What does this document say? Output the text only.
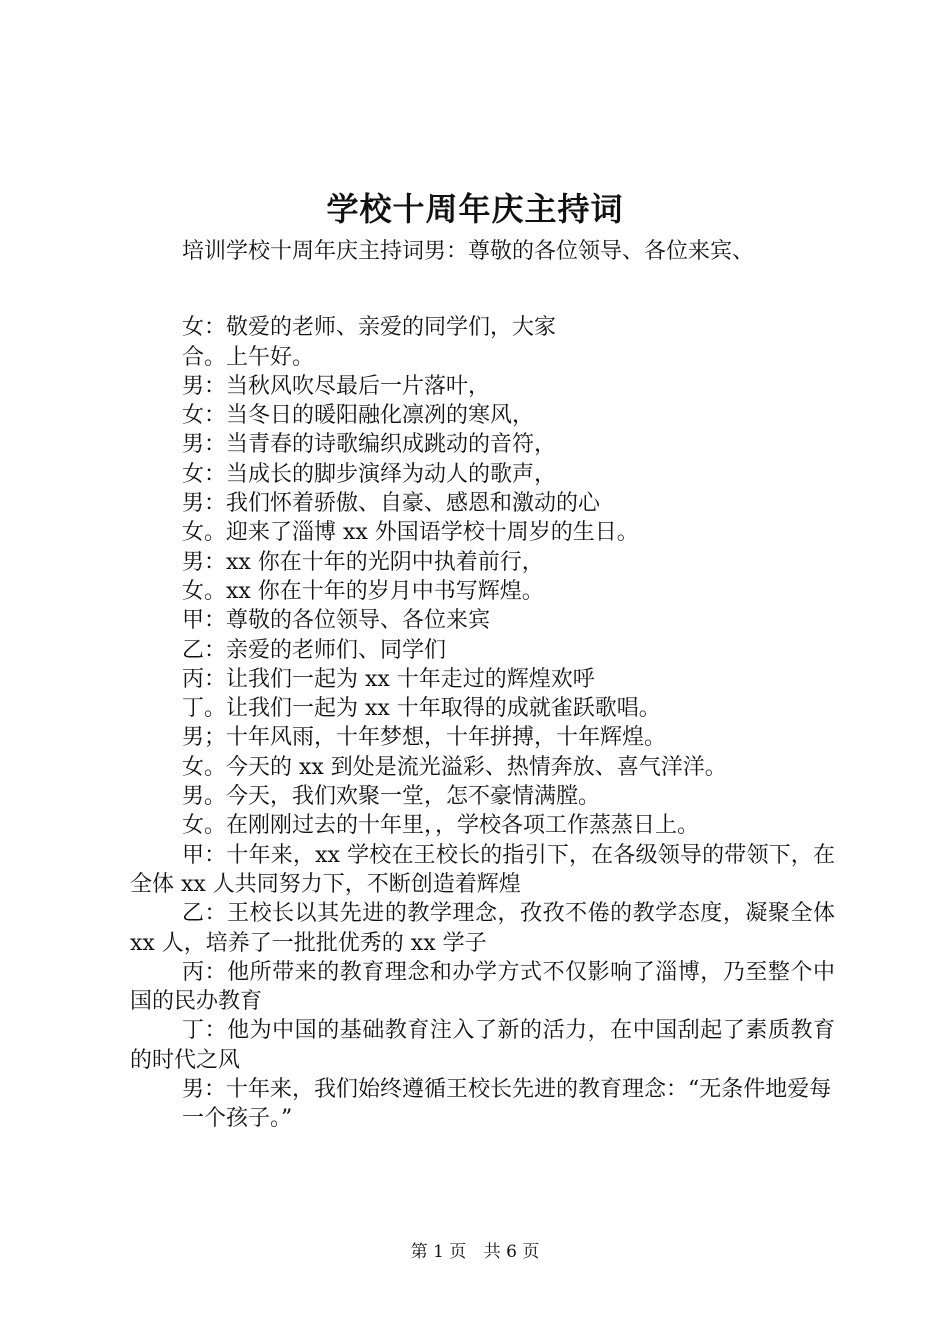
学校十周年庆主持词
培训学校十周年庆主持词男：尊敬的各位领导、各位来宾、
女：敬爱的老师、亲爱的同学们，大家
合。上午好。
男：当秋风吹尽最后一片落叶，
女：当冬日的暖阳融化凛冽的寒风，
男：当青春的诗歌编织成跳动的音符，
女：当成长的脚步演绎为动人的歌声，
男：我们怀着骄傲、自豪、感恩和激动的心
女。迎来了淄博 xx 外国语学校十周岁的生日。
男：xx 你在十年的光阴中执着前行，
女。xx 你在十年的岁月中书写辉煌。
甲：尊敬的各位领导、各位来宾
乙：亲爱的老师们、同学们
丙：让我们一起为 xx 十年走过的辉煌欢呼
丁。让我们一起为 xx 十年取得的成就雀跃歌唱。
男；十年风雨，十年梦想，十年拼搏，十年辉煌。
女。今天的 xx 到处是流光溢彩、热情奔放、喜气洋洋。
男。今天，我们欢聚一堂，怎不豪情满膛。
女。在刚刚过去的十年里，，学校各项工作蒸蒸日上。
甲：十年来，xx 学校在王校长的指引下，在各级领导的带领下，在全体 xx 人共同努力下，不断创造着辉煌
乙：王校长以其先进的教学理念，孜孜不倦的教学态度，凝聚全体 xx 人，培养了一批批优秀的 xx 学子
丙：他所带来的教育理念和办学方式不仅影响了淄博，乃至整个中国的民办教育
丁：他为中国的基础教育注入了新的活力，在中国刮起了素质教育的时代之风
男：十年来，我们始终遵循王校长先进的教育理念：“无条件地爱每
一个孩子。”
第 1 页 共 6 页
